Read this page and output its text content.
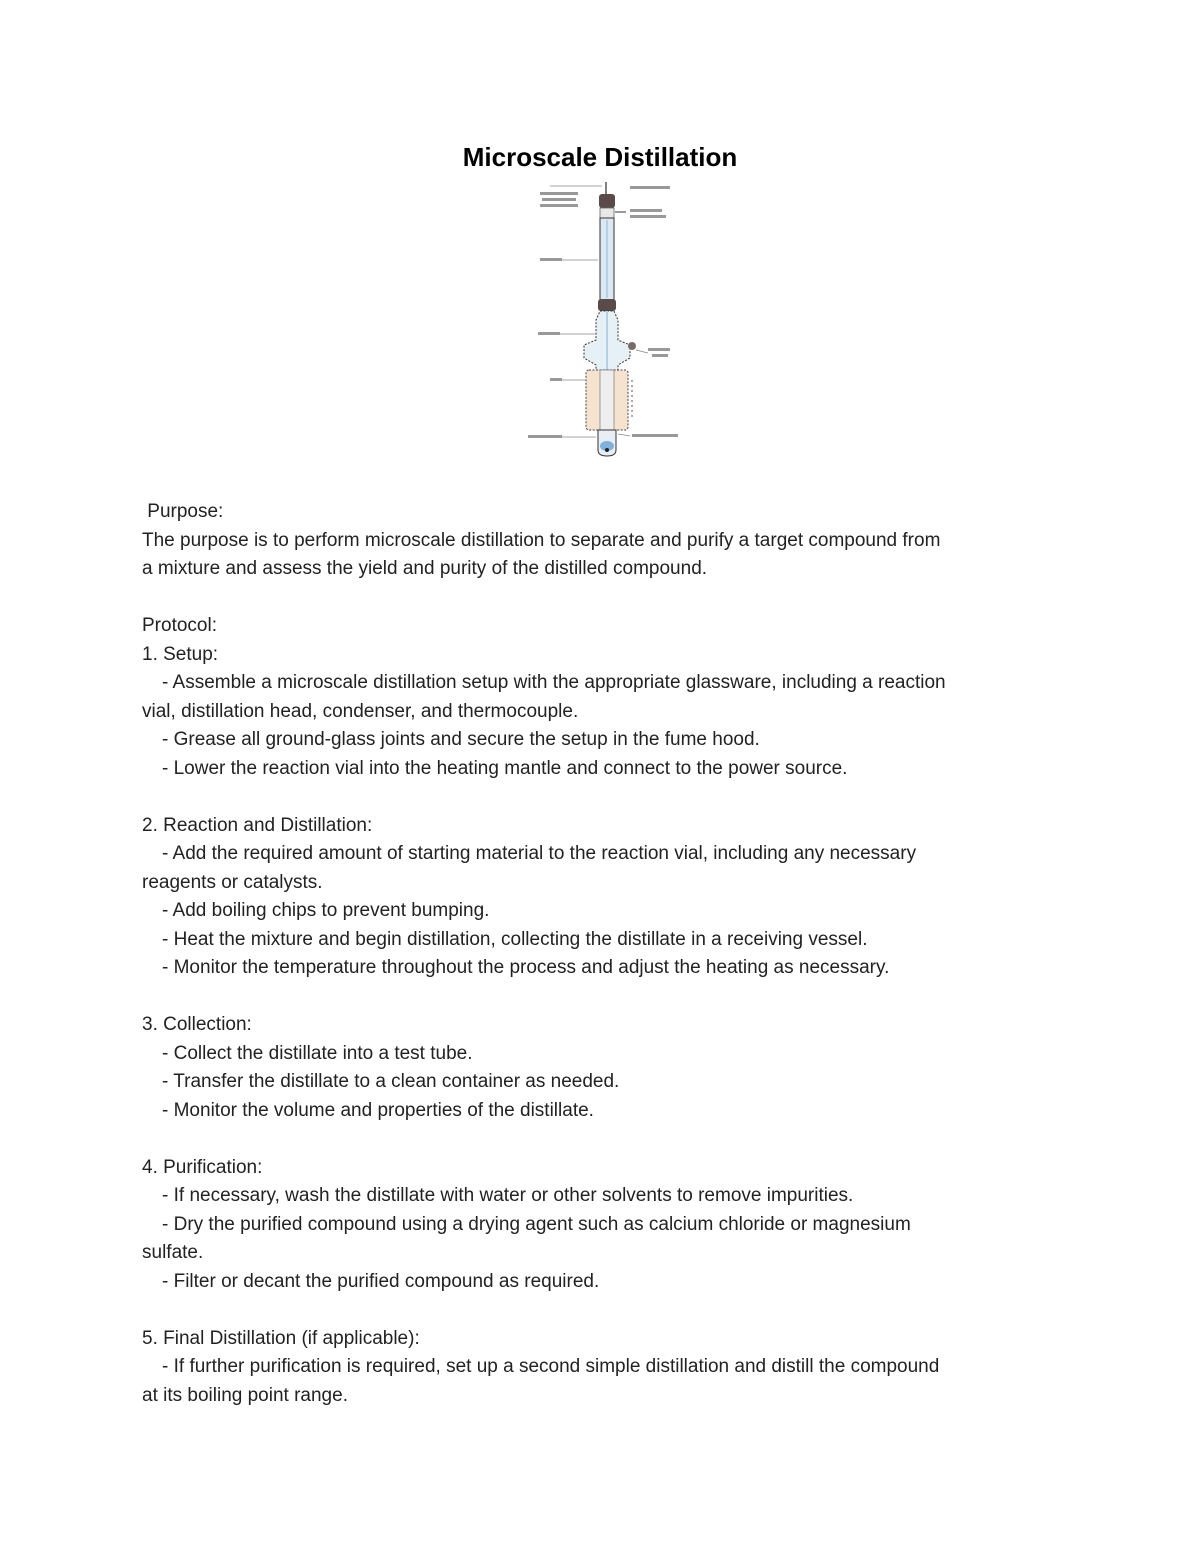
Microscale Distillation
Purpose:
The purpose is to perform microscale distillation to separate and purify a target compound from
a mixture and assess the yield and purity of the distilled compound.
Protocol:
1. Setup:
- Assemble a microscale distillation setup with the appropriate glassware, including a reaction
vial, distillation head, condenser, and thermocouple.
- Grease all ground-glass joints and secure the setup in the fume hood.
- Lower the reaction vial into the heating mantle and connect to the power source.
2. Reaction and Distillation:
- Add the required amount of starting material to the reaction vial, including any necessary
reagents or catalysts.
- Add boiling chips to prevent bumping.
- Heat the mixture and begin distillation, collecting the distillate in a receiving vessel.
- Monitor the temperature throughout the process and adjust the heating as necessary.
3. Collection:
- Collect the distillate into a test tube.
- Transfer the distillate to a clean container as needed.
- Monitor the volume and properties of the distillate.
4. Purification:
- If necessary, wash the distillate with water or other solvents to remove impurities.
- Dry the purified compound using a drying agent such as calcium chloride or magnesium
sulfate.
- Filter or decant the purified compound as required.
5. Final Distillation (if applicable):
- If further purification is required, set up a second simple distillation and distill the compound
at its boiling point range.
